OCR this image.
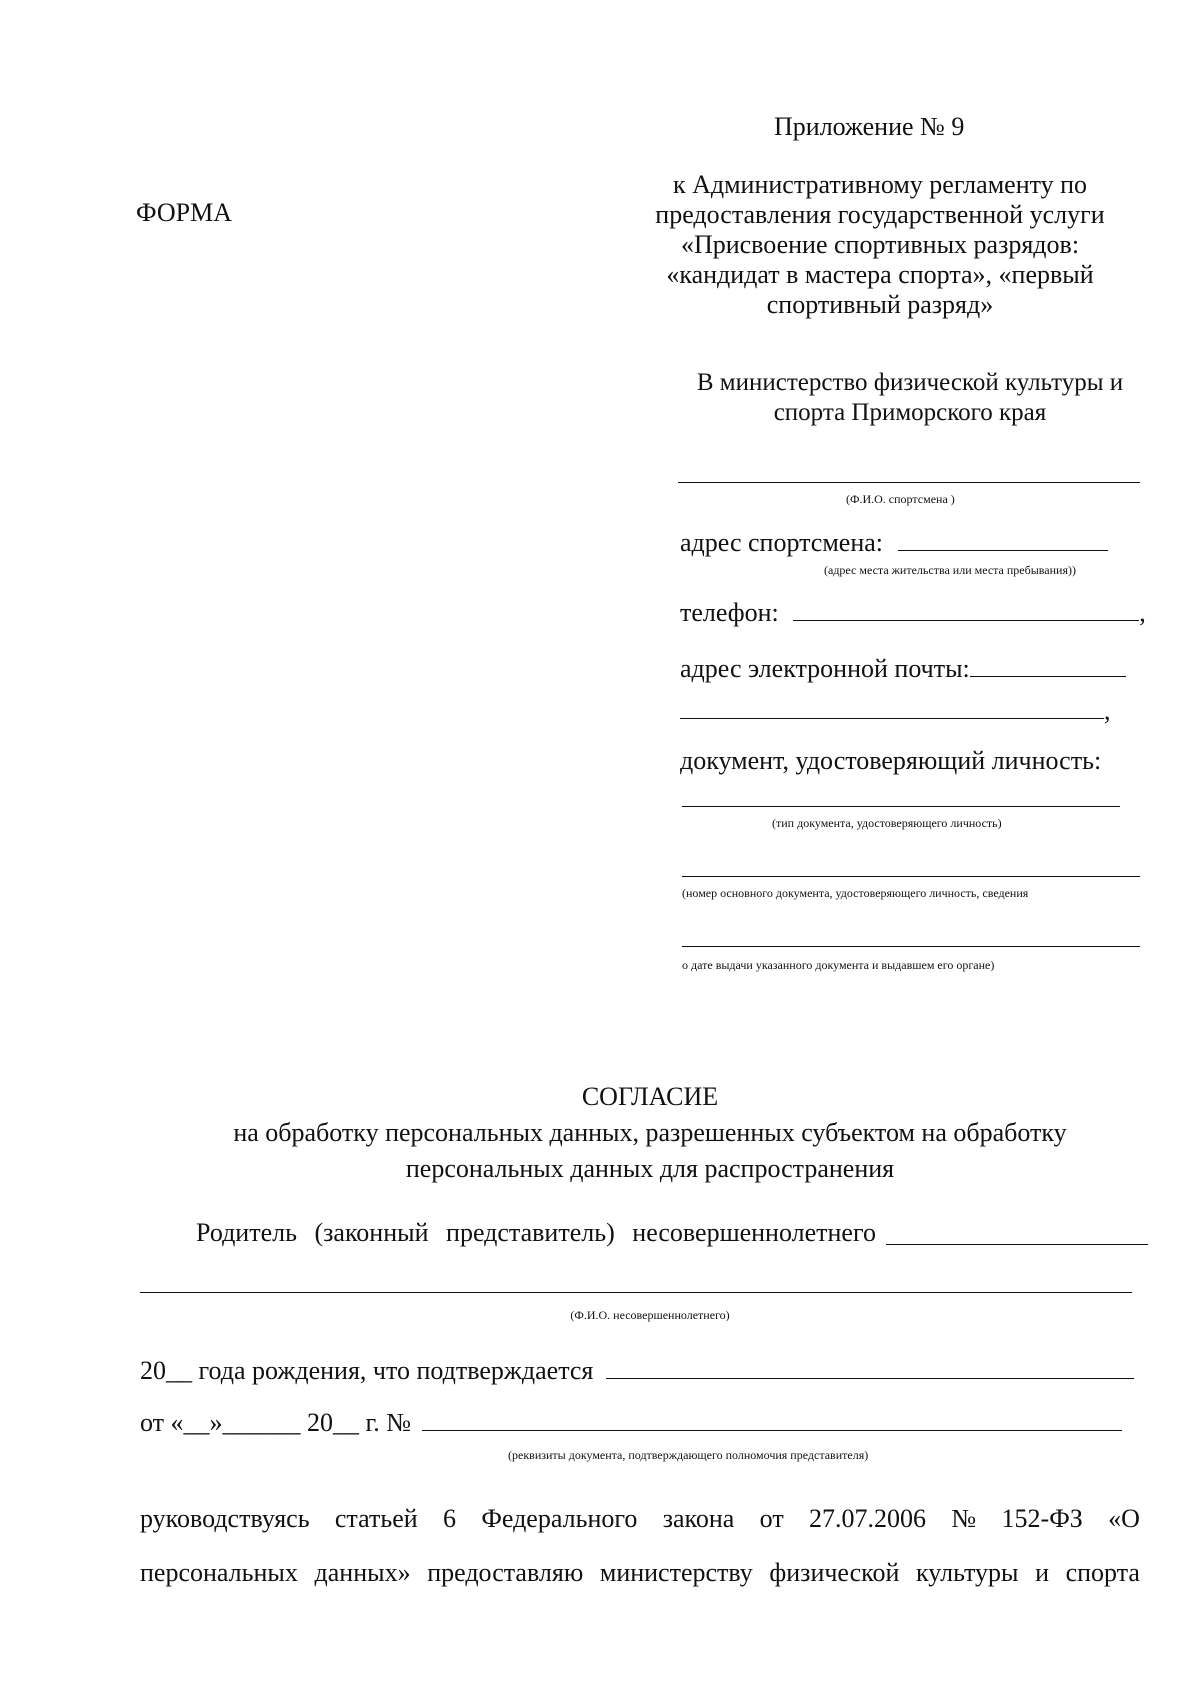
Приложение № 9
ФОРМА
к Административному регламенту по
предоставления государственной услуги
«Присвоение спортивных разрядов:
«кандидат в мастера спорта», «первый
спортивный разряд»
В министерство физической культуры и
спорта Приморского края
(Ф.И.О. спортсмена )
адрес спортсмена:
(адрес места жительства или места пребывания))
телефон:	,
адрес электронной почты:
,
документ, удостоверяющий личность:
(тип документа, удостоверяющего личность)
(номер основного документа, удостоверяющего личность, сведения
о дате выдачи указанного документа и выдавшем его органе)
СОГЛАСИЕ
на обработку персональных данных, разрешенных субъектом на обработку
персональных данных для распространения
Родитель (законный представитель) несовершеннолетнего
(Ф.И.О. несовершеннолетнего)
20__ года рождения, что подтверждается
от «__»______ 20__ г. №
(реквизиты документа, подтверждающего полномочия представителя)
руководствуясь статьей 6 Федерального закона от 27.07.2006 № 152-ФЗ «О
персональных данных» предоставляю министерству физической культуры и спорта
